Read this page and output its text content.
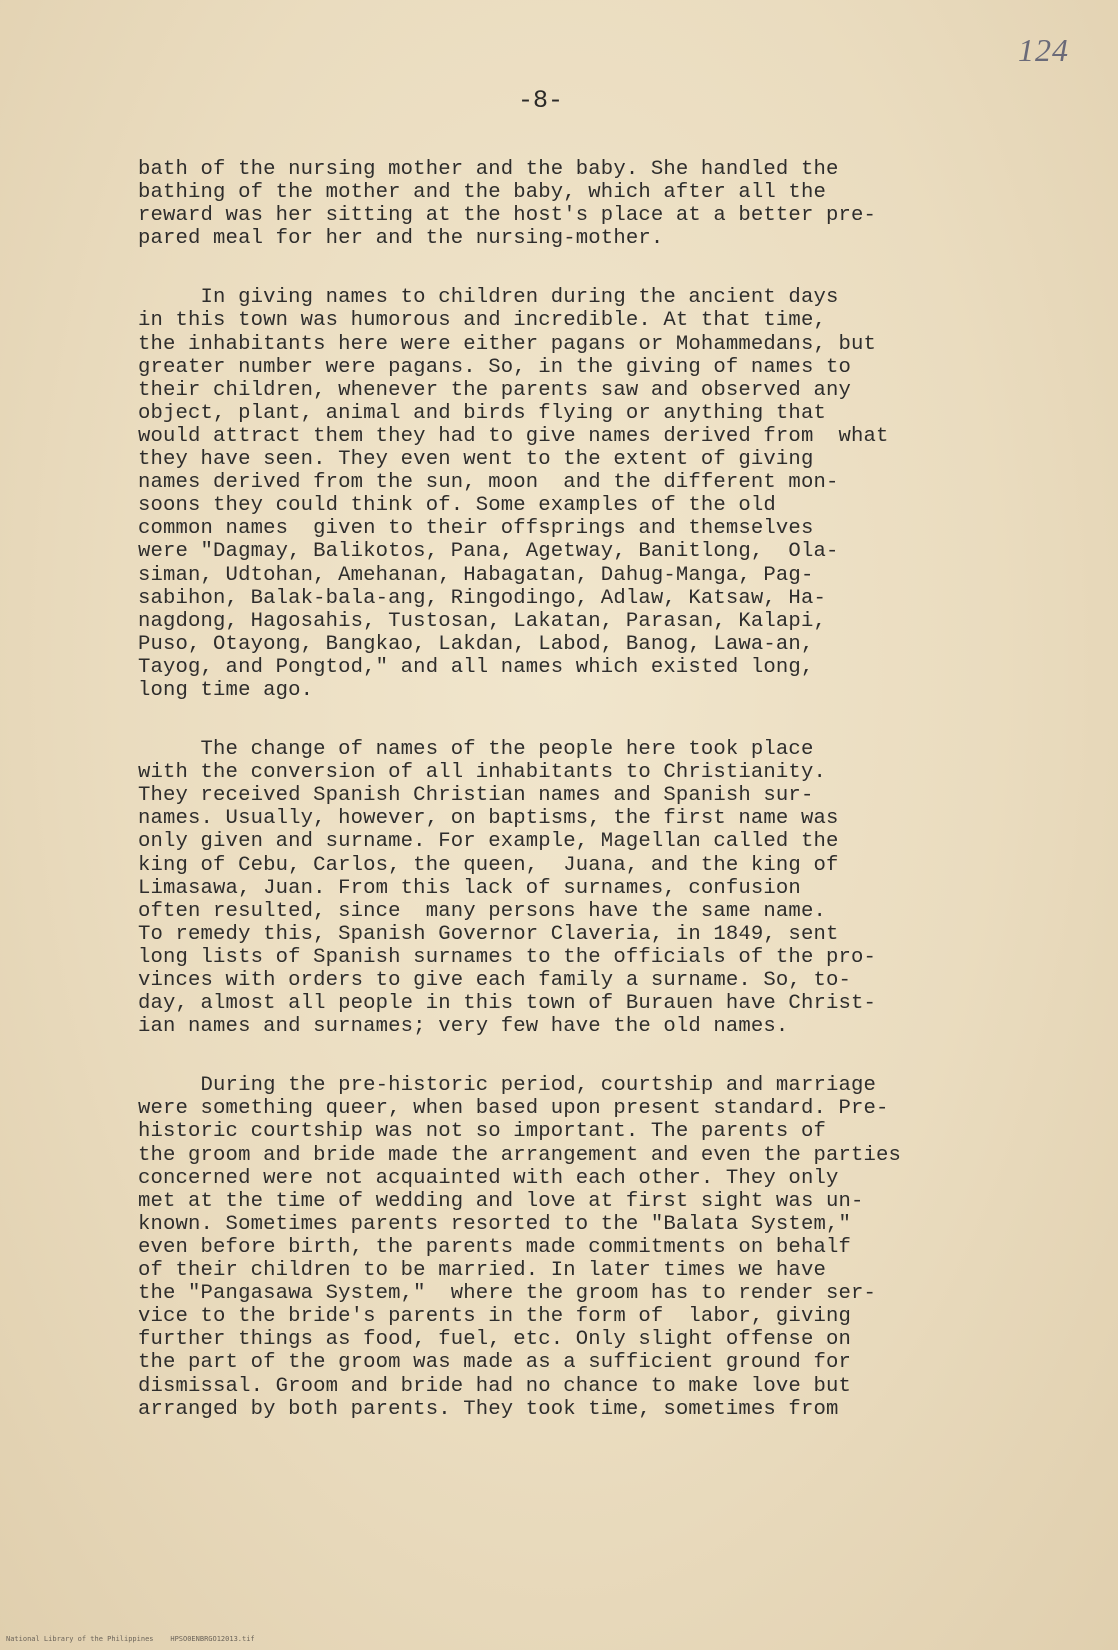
124
-8-
bath of the nursing mother and the baby. She handled the
bathing of the mother and the baby, which after all the
reward was her sitting at the host's place at a better pre-
pared meal for her and the nursing-mother.
In giving names to children during the ancient days
in this town was humorous and incredible. At that time,
the inhabitants here were either pagans or Mohammedans, but
greater number were pagans. So, in the giving of names to
their children, whenever the parents saw and observed any
object, plant, animal and birds flying or anything that
would attract them they had to give names derived from  what
they have seen. They even went to the extent of giving
names derived from the sun, moon  and the different mon-
soons they could think of. Some examples of the old
common names  given to their offsprings and themselves
were "Dagmay, Balikotos, Pana, Agetway, Banitlong,  Ola-
siman, Udtohan, Amehanan, Habagatan, Dahug-Manga, Pag-
sabihon, Balak-bala-ang, Ringodingo, Adlaw, Katsaw, Ha-
nagdong, Hagosahis, Tustosan, Lakatan, Parasan, Kalapi,
Puso, Otayong, Bangkao, Lakdan, Labod, Banog, Lawa-an,
Tayog, and Pongtod," and all names which existed long,
long time ago.
The change of names of the people here took place
with the conversion of all inhabitants to Christianity.
They received Spanish Christian names and Spanish sur-
names. Usually, however, on baptisms, the first name was
only given and surname. For example, Magellan called the
king of Cebu, Carlos, the queen,  Juana, and the king of
Limasawa, Juan. From this lack of surnames, confusion
often resulted, since  many persons have the same name.
To remedy this, Spanish Governor Claveria, in 1849, sent
long lists of Spanish surnames to the officials of the pro-
vinces with orders to give each family a surname. So, to-
day, almost all people in this town of Burauen have Christ-
ian names and surnames; very few have the old names.
During the pre-historic period, courtship and marriage
were something queer, when based upon present standard. Pre-
historic courtship was not so important. The parents of
the groom and bride made the arrangement and even the parties
concerned were not acquainted with each other. They only
met at the time of wedding and love at first sight was un-
known. Sometimes parents resorted to the "Balata System,"
even before birth, the parents made commitments on behalf
of their children to be married. In later times we have
the "Pangasawa System,"  where the groom has to render ser-
vice to the bride's parents in the form of  labor, giving
further things as food, fuel, etc. Only slight offense on
the part of the groom was made as a sufficient ground for
dismissal. Groom and bride had no chance to make love but
arranged by both parents. They took time, sometimes from
National Library of the Philippines    HPSO0ENBRGO12013.tif
